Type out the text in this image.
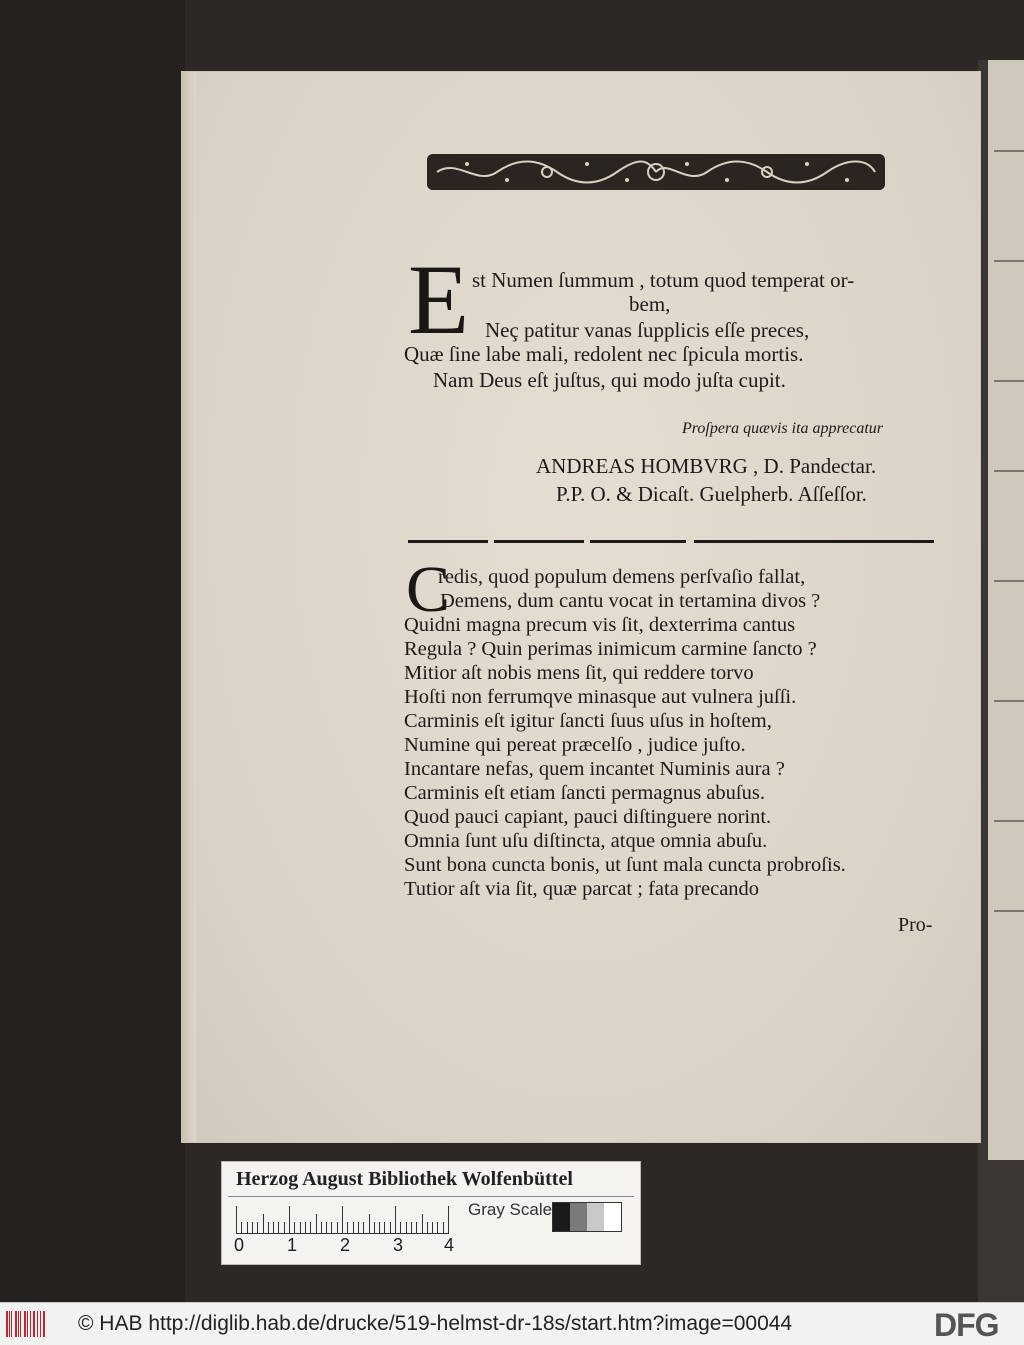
E st Numen ſummum , totum quod temperat or-
bem,
Neç patitur vanas ſupplicis eſſe preces,
Quæ ſine labe mali, redolent nec ſpicula mortis.
Nam Deus eſt juſtus, qui modo juſta cupit.
Proſpera quævis ita apprecatur
ANDREAS HOMBVRG , D. Pandectar.
P.P. O. & Dicaſt. Guelpherb. Aſſeſſor.
C
redis, quod populum demens perſvaſio fallat,
Demens, dum cantu vocat in tertamina divos ?
Quidni magna precum vis ſit, dexterrima cantus
Regula ? Quin perimas inimicum carmine ſancto ?
Mitior aſt nobis mens ſit, qui reddere torvo
Hoſti non ferrumqve minasque aut vulnera juſſi.
Carminis eſt igitur ſancti ſuus uſus in hoſtem,
Numine qui pereat præcelſo , judice juſto.
Incantare nefas, quem incantet Numinis aura ?
Carminis eſt etiam ſancti permagnus abuſus.
Quod pauci capiant, pauci diſtinguere norint.
Omnia ſunt uſu diſtincta, atque omnia abuſu.
Sunt bona cuncta bonis, ut ſunt mala cuncta probroſis.
Tutior aſt via ſit, quæ parcat ; fata precando
Pro-
Herzog August Bibliothek Wolfenbüttel
0 1 2 3 4
Gray Scale
© HAB http://diglib.hab.de/drucke/519-helmst-dr-18s/start.htm?image=00044	DFG
